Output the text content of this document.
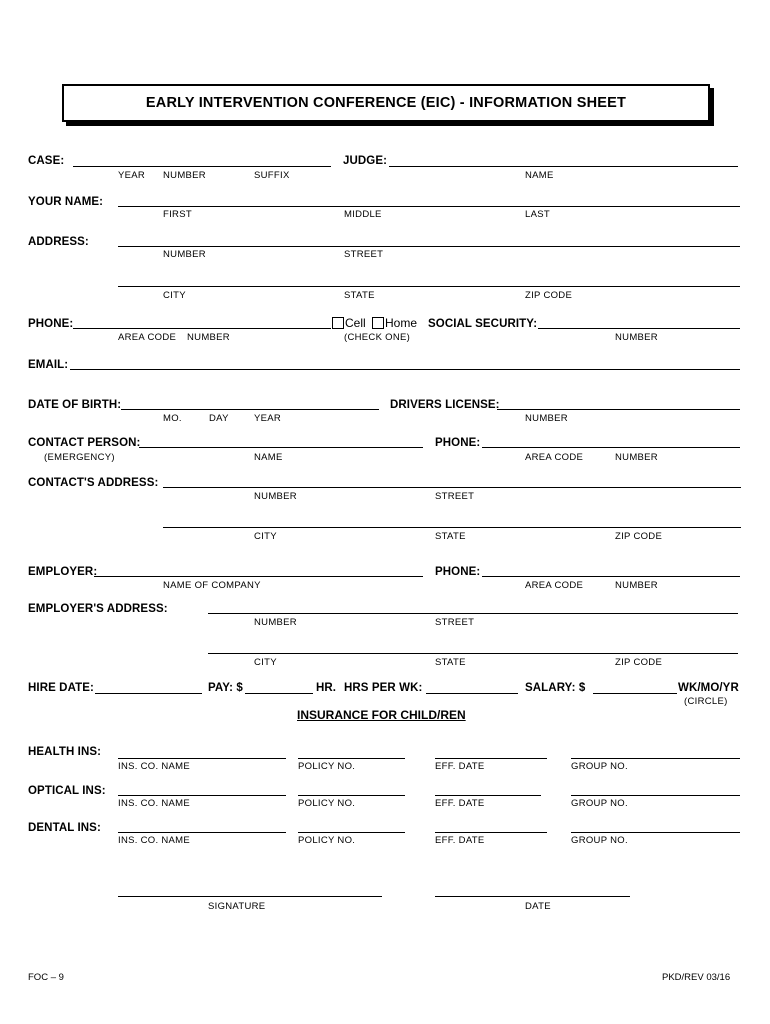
EARLY INTERVENTION CONFERENCE (EIC) - INFORMATION SHEET
CASE:
YEAR NUMBER	SUFFIX
JUDGE:
NAME
YOUR NAME:
FIRST	MIDDLE	LAST
ADDRESS:
NUMBER	STREET
CITY	STATE	ZIP CODE
PHONE:
AREA CODE NUMBER
Cell Home
(CHECK ONE)
SOCIAL SECURITY:
NUMBER
EMAIL:
DATE OF BIRTH:
MO.	DAY	YEAR
DRIVERS LICENSE:
NUMBER
CONTACT PERSON:
(EMERGENCY)	NAME
PHONE:
AREA CODE	NUMBER
CONTACT'S ADDRESS:
NUMBER	STREET
CITY	STATE	ZIP CODE
EMPLOYER:
NAME OF COMPANY
PHONE:
AREA CODE	NUMBER
EMPLOYER'S ADDRESS:
NUMBER	STREET
CITY	STATE	ZIP CODE
HIRE DATE:	PAY: $	HR. HRS PER WK:	SALARY: $	WK/MO/YR
(CIRCLE)
INSURANCE FOR CHILD/REN
HEALTH INS:
INS. CO. NAME	POLICY NO.	EFF. DATE	GROUP NO.
OPTICAL INS:
INS. CO. NAME	POLICY NO.	EFF. DATE	GROUP NO.
DENTAL INS:
INS. CO. NAME	POLICY NO.	EFF. DATE	GROUP NO.
SIGNATURE	DATE
FOC – 9	PKD/REV 03/16
